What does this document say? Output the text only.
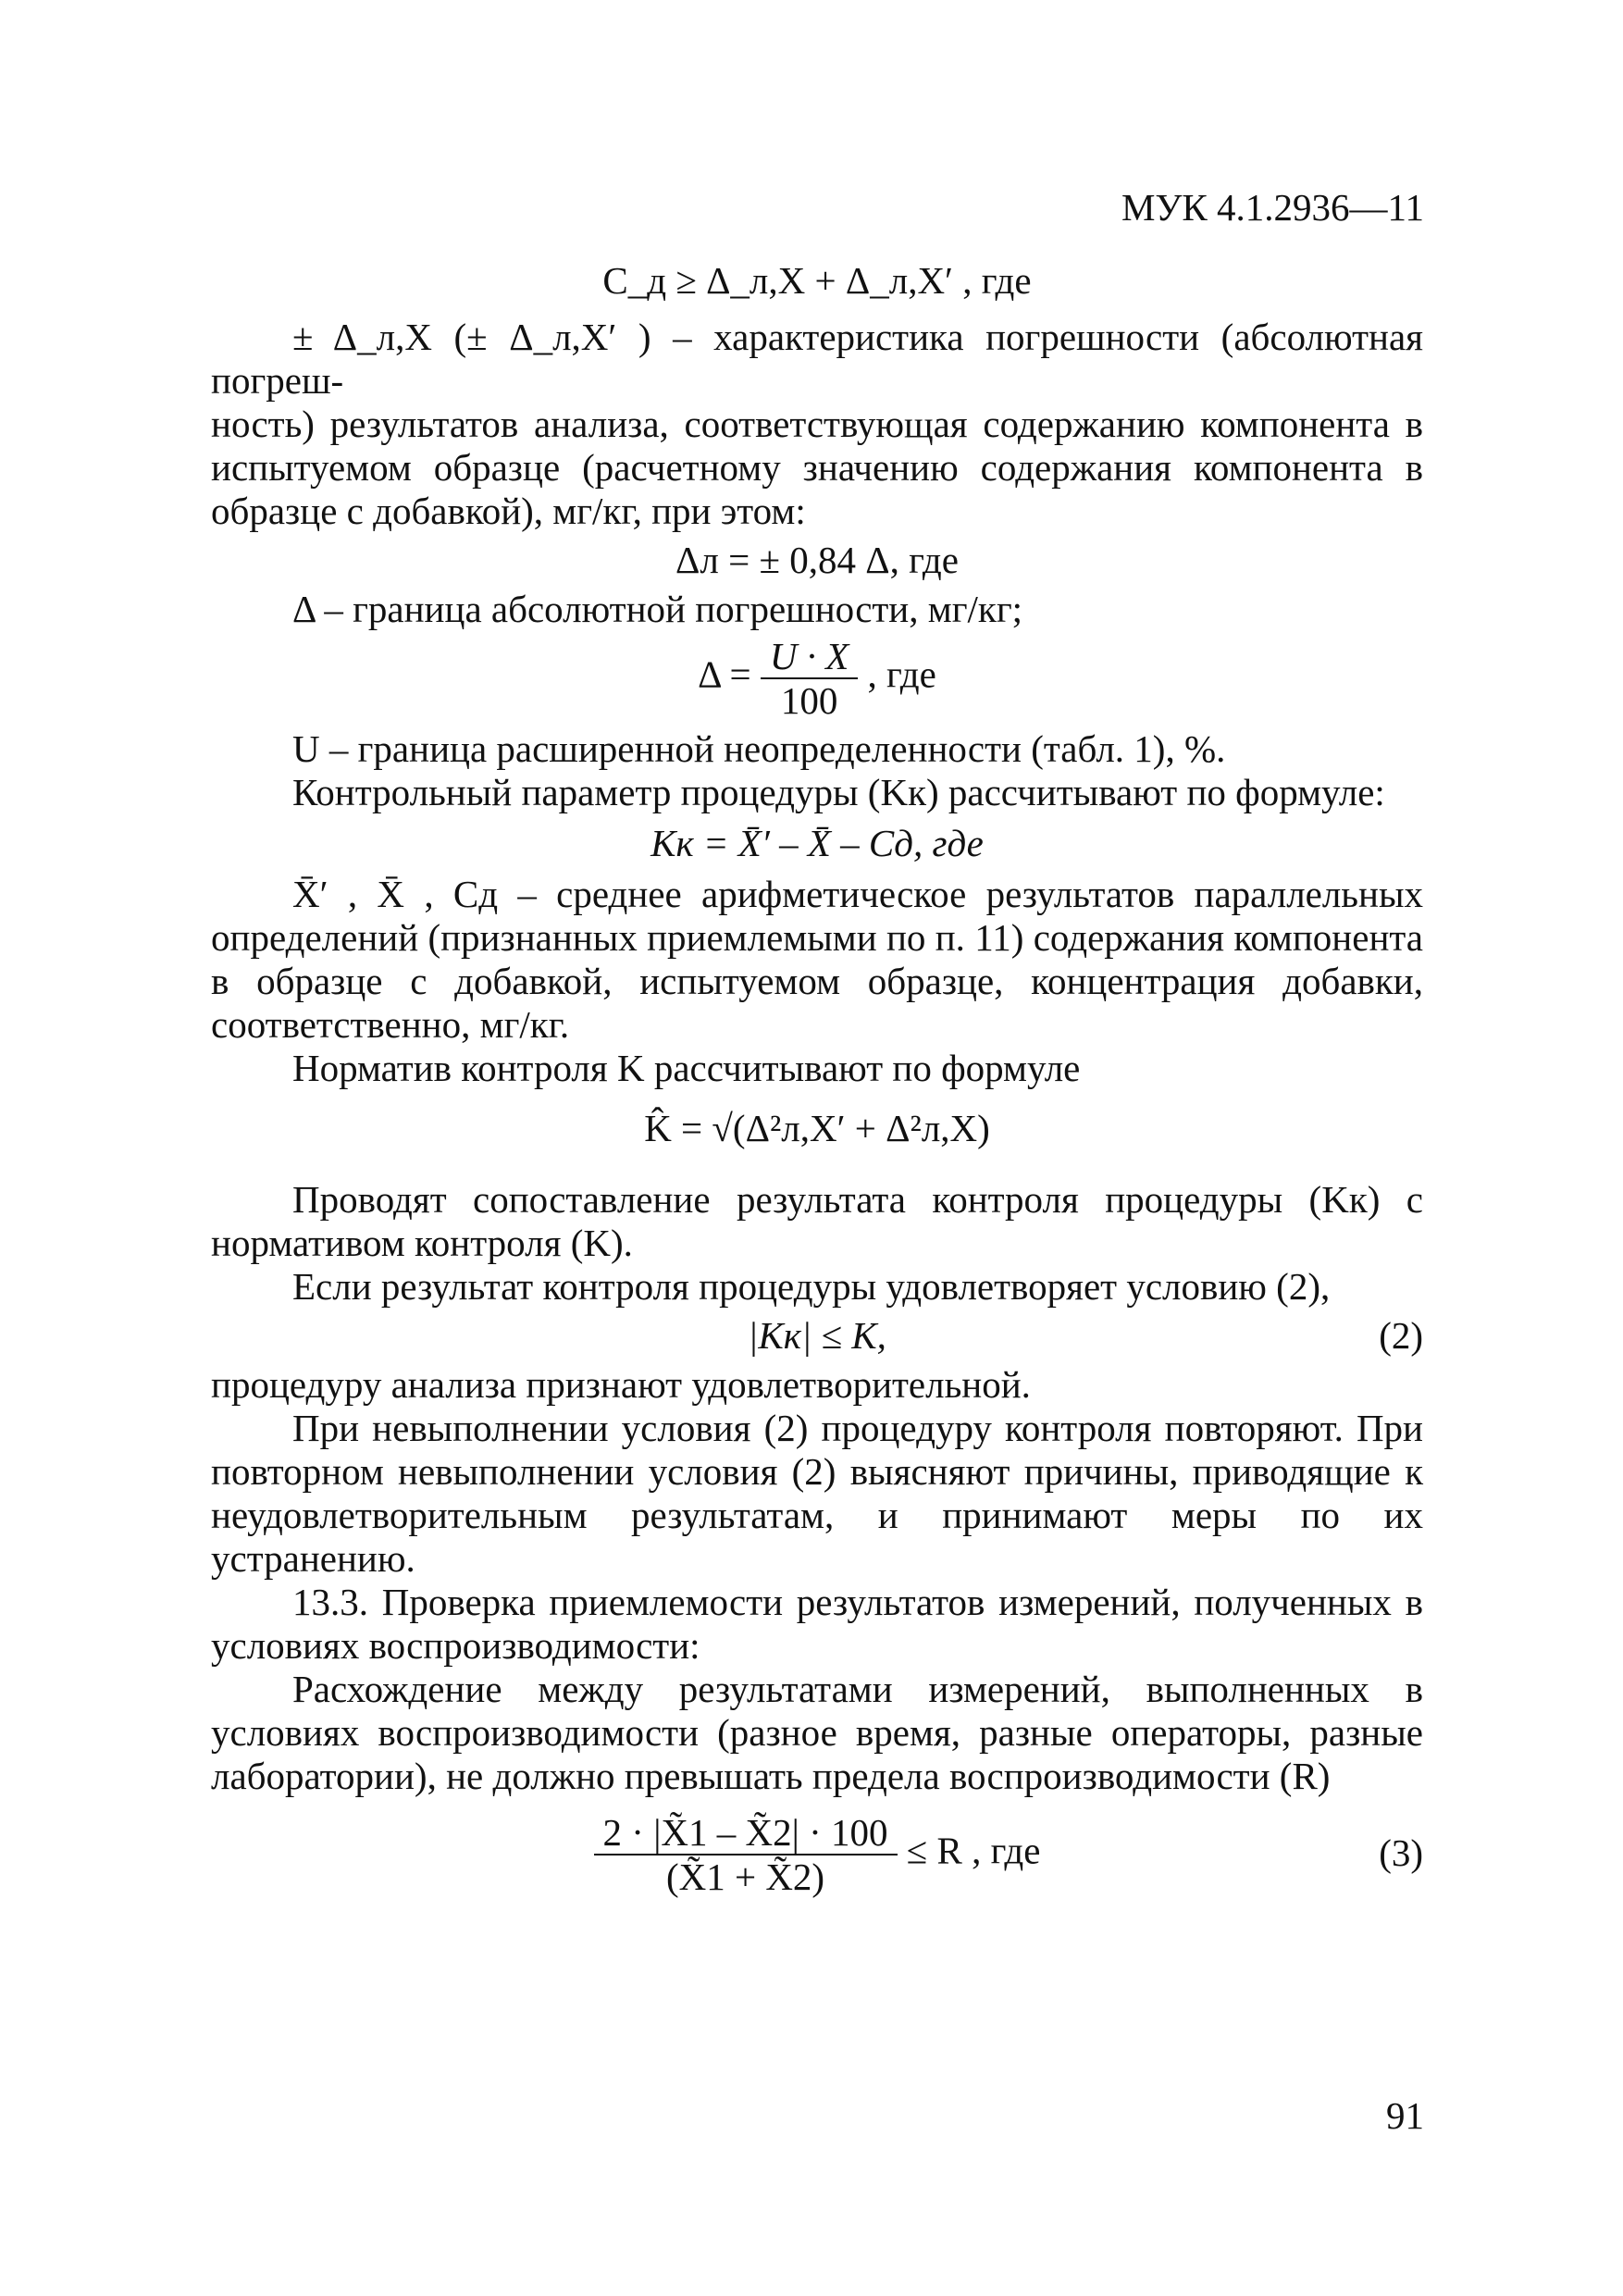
МУК 4.1.2936—11

C_д ≥ Δ_л,Х + Δ_л,Х′ , где

± Δ_л,Х (± Δ_л,Х′ ) – характеристика погрешности (абсолютная погреш-

ность) результатов анализа, соответствующая содержанию компонента в испытуемом образце (расчетному значению содержания компонента в образце с добавкой), мг/кг, при этом:

Δл = ± 0,84 Δ, где

Δ – граница абсолютной погрешности, мг/кг;

$\Delta = \frac{U \cdot X}{100}$ , где

U – граница расширенной неопределенности (табл. 1), %.

Контрольный параметр процедуры (Kк) рассчитывают по формуле:

Kк = X̄′ – X̄ – Cд, где

X̄′ , X̄ , Cд – среднее арифметическое результатов параллельных определений (признанных приемлемыми по п. 11) содержания компонента в образце с добавкой, испытуемом образце, концентрация добавки, соответственно, мг/кг.

Норматив контроля K рассчитывают по формуле

K̂ = √(Δ²л,Х′ + Δ²л,Х)

Проводят сопоставление результата контроля процедуры (Kк) с нормативом контроля (K).

Если результат контроля процедуры удовлетворяет условию (2),

|Kк| ≤ K,	(2)

процедуру анализа признают удовлетворительной.

При невыполнении условия (2) процедуру контроля повторяют. При повторном невыполнении условия (2) выясняют причины, приводящие к неудовлетворительным результатам, и принимают меры по их устранению.

13.3. Проверка приемлемости результатов измерений, полученных в условиях воспроизводимости:

Расхождение между результатами измерений, выполненных в условиях воспроизводимости (разное время, разные операторы, разные лаборатории), не должно превышать предела воспроизводимости (R)

$\frac{2 \cdot |X̃1 - X̃2| \cdot 100}{(X̃1 + X̃2)} \le R$ , где	(3)
91
